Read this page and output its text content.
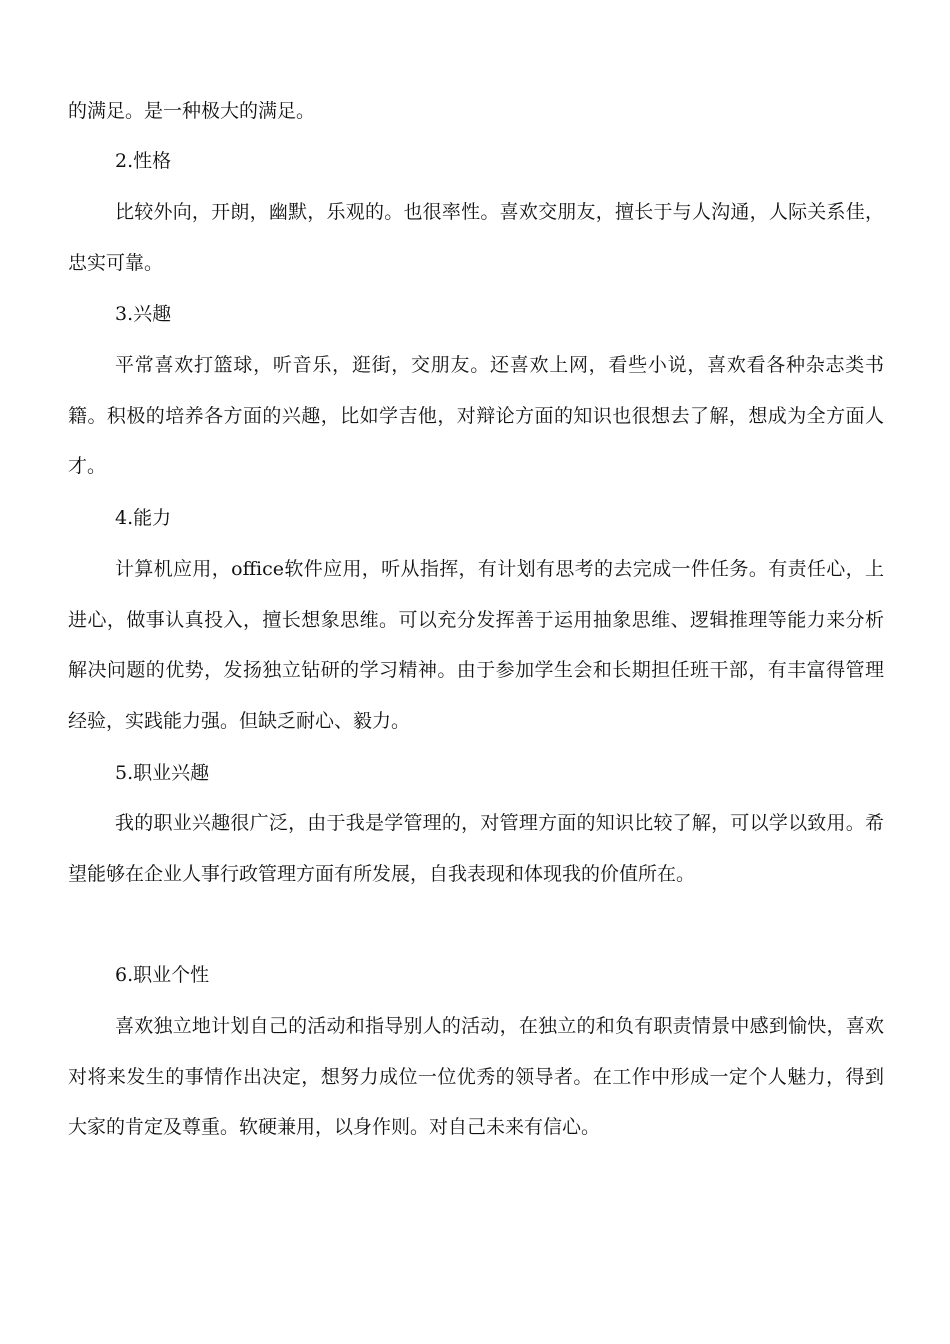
的满足。是一种极大的满足。

2.性格

比较外向，开朗，幽默，乐观的。也很率性。喜欢交朋友，擅长于与人沟通，人际关系佳，忠实可靠。

3.兴趣

平常喜欢打篮球，听音乐，逛街，交朋友。还喜欢上网，看些小说，喜欢看各种杂志类书籍。积极的培养各方面的兴趣，比如学吉他，对辩论方面的知识也很想去了解，想成为全方面人才。

4.能力

计算机应用，office软件应用，听从指挥，有计划有思考的去完成一件任务。有责任心，上进心，做事认真投入，擅长想象思维。可以充分发挥善于运用抽象思维、逻辑推理等能力来分析解决问题的优势，发扬独立钻研的学习精神。由于参加学生会和长期担任班干部，有丰富得管理经验，实践能力强。但缺乏耐心、毅力。

5.职业兴趣

我的职业兴趣很广泛，由于我是学管理的，对管理方面的知识比较了解，可以学以致用。希望能够在企业人事行政管理方面有所发展，自我表现和体现我的价值所在。

6.职业个性

喜欢独立地计划自己的活动和指导别人的活动，在独立的和负有职责情景中感到愉快，喜欢对将来发生的事情作出决定，想努力成位一位优秀的领导者。在工作中形成一定个人魅力，得到大家的肯定及尊重。软硬兼用，以身作则。对自己未来有信心。
